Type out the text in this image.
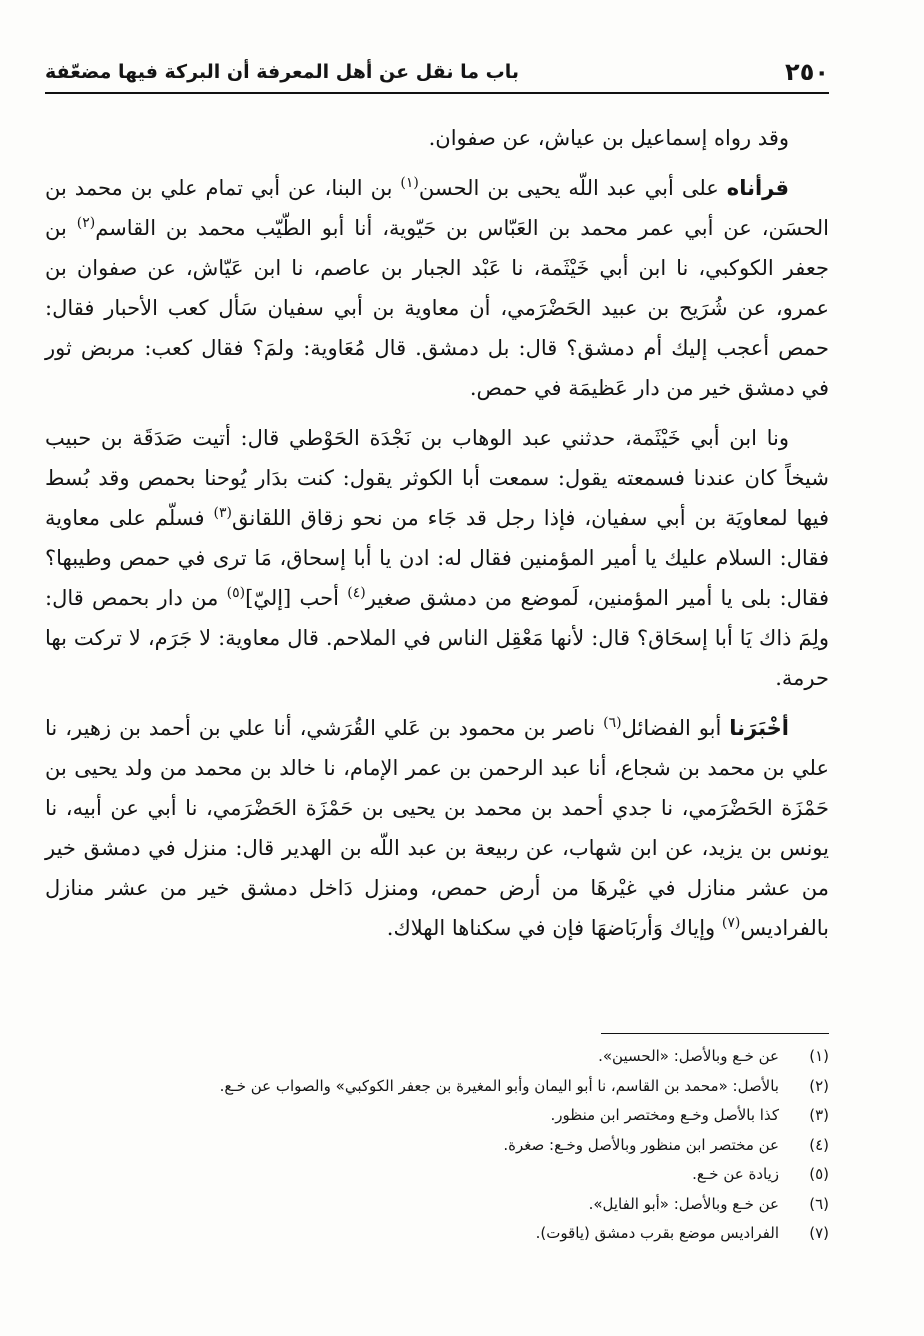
٢٥٠
باب ما نقل عن أهل المعرفة أن البركة فيها مضعّفة

وقد رواه إسماعيل بن عياش، عن صفوان.

قرأناه على أبي عبد اللّه يحيى بن الحسن$^{(١)}$ بن البنا، عن أبي تمام علي بن محمد بن الحسَن، عن أبي عمر محمد بن العَبّاس بن حَيّوية، أنا أبو الطّيّب محمد بن القاسم$^{(٢)}$ بن جعفر الكوكبي، نا ابن أبي خَيْثَمة، نا عَبْد الجبار بن عاصم، نا ابن عَيّاش، عن صفوان بن عمرو، عن شُرَيح بن عبيد الحَضْرَمي، أن معاوية بن أبي سفيان سَأل كعب الأحبار فقال: حمص أعجب إليك أم دمشق؟ قال: بل دمشق. قال مُعَاوية: ولمَ؟ فقال كعب: مربض ثور في دمشق خير من دار عَظيمَة في حمص.

ونا ابن أبي خَيْثَمة، حدثني عبد الوهاب بن نَجْدَة الحَوْطي قال: أتيت صَدَقَة بن حبيب شيخاً كان عندنا فسمعته يقول: سمعت أبا الكوثر يقول: كنت بدَار يُوحنا بحمص وقد بُسط فيها لمعاويَة بن أبي سفيان، فإذا رجل قد جَاء من نحو زقاق اللقانق$^{(٣)}$ فسلّم على معاوية فقال: السلام عليك يا أمير المؤمنين فقال له: ادن يا أبا إسحاق، مَا ترى في حمص وطيبها؟ فقال: بلى يا أمير المؤمنين، لَموضع من دمشق صغير$^{(٤)}$ أحب [إليّ]$^{(٥)}$ من دار بحمص قال: ولِمَ ذاك يَا أبا إسحَاق؟ قال: لأنها مَعْقِل الناس في الملاحم. قال معاوية: لا جَرَم، لا تركت بها حرمة.

أخْبَرَنا أبو الفضائل$^{(٦)}$ ناصر بن محمود بن عَلي القُرَشي، أنا علي بن أحمد بن زهير، نا علي بن محمد بن شجاع، أنا عبد الرحمن بن عمر الإمام، نا خالد بن محمد من ولد يحيى بن حَمْزَة الحَضْرَمي، نا جدي أحمد بن محمد بن يحيى بن حَمْزَة الحَضْرَمي، نا أبي عن أبيه، نا يونس بن يزيد، عن ابن شهاب، عن ربيعة بن عبد اللّه بن الهدير قال: منزل في دمشق خير من عشر منازل في غيْرهَا من أرض حمص، ومنزل دَاخل دمشق خير من عشر منازل بالفراديس$^{(٧)}$ وإياك وَأربَاضهَا فإن في سكناها الهلاك.

(١)
عن خـع وبالأصل: «الحسين».
(٢)
بالأصل: «محمد بن القاسم، نا أبو اليمان وأبو المغيرة بن جعفر الكوكبي» والصواب عن خـع.
(٣)
كذا بالأصل وخـع ومختصر ابن منظور.
(٤)
عن مختصر ابن منظور وبالأصل وخـع: صغرة.
(٥)
زيادة عن خـع.
(٦)
عن خـع وبالأصل: «أبو الفايل».
(٧)
الفراديس موضع بقرب دمشق (ياقوت).
